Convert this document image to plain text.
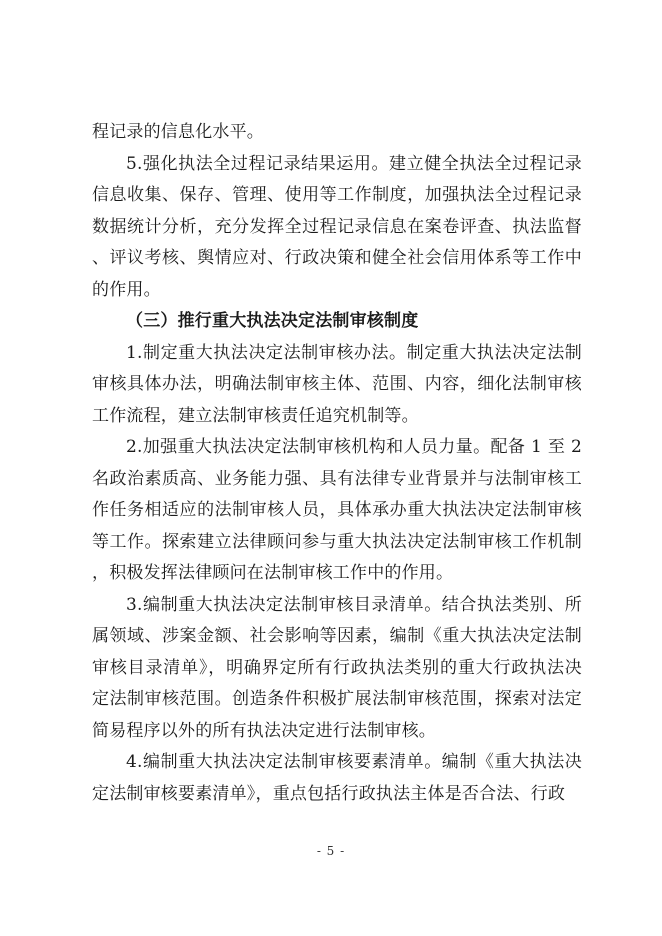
程记录的信息化水平。

5.强化执法全过程记录结果运用。建立健全执法全过程记录信息收集、保存、管理、使用等工作制度，加强执法全过程记录数据统计分析，充分发挥全过程记录信息在案卷评查、执法监督、评议考核、舆情应对、行政决策和健全社会信用体系等工作中的作用。

（三）推行重大执法决定法制审核制度

1.制定重大执法决定法制审核办法。制定重大执法决定法制审核具体办法，明确法制审核主体、范围、内容，细化法制审核工作流程，建立法制审核责任追究机制等。

2.加强重大执法决定法制审核机构和人员力量。配备 1 至 2 名政治素质高、业务能力强、具有法律专业背景并与法制审核工作任务相适应的法制审核人员，具体承办重大执法决定法制审核等工作。探索建立法律顾问参与重大执法决定法制审核工作机制，积极发挥法律顾问在法制审核工作中的作用。

3.编制重大执法决定法制审核目录清单。结合执法类别、所属领域、涉案金额、社会影响等因素，编制《重大执法决定法制审核目录清单》，明确界定所有行政执法类别的重大行政执法决定法制审核范围。创造条件积极扩展法制审核范围，探索对法定简易程序以外的所有执法决定进行法制审核。

4.编制重大执法决定法制审核要素清单。编制《重大执法决定法制审核要素清单》，重点包括行政执法主体是否合法、行政

- 5 -
